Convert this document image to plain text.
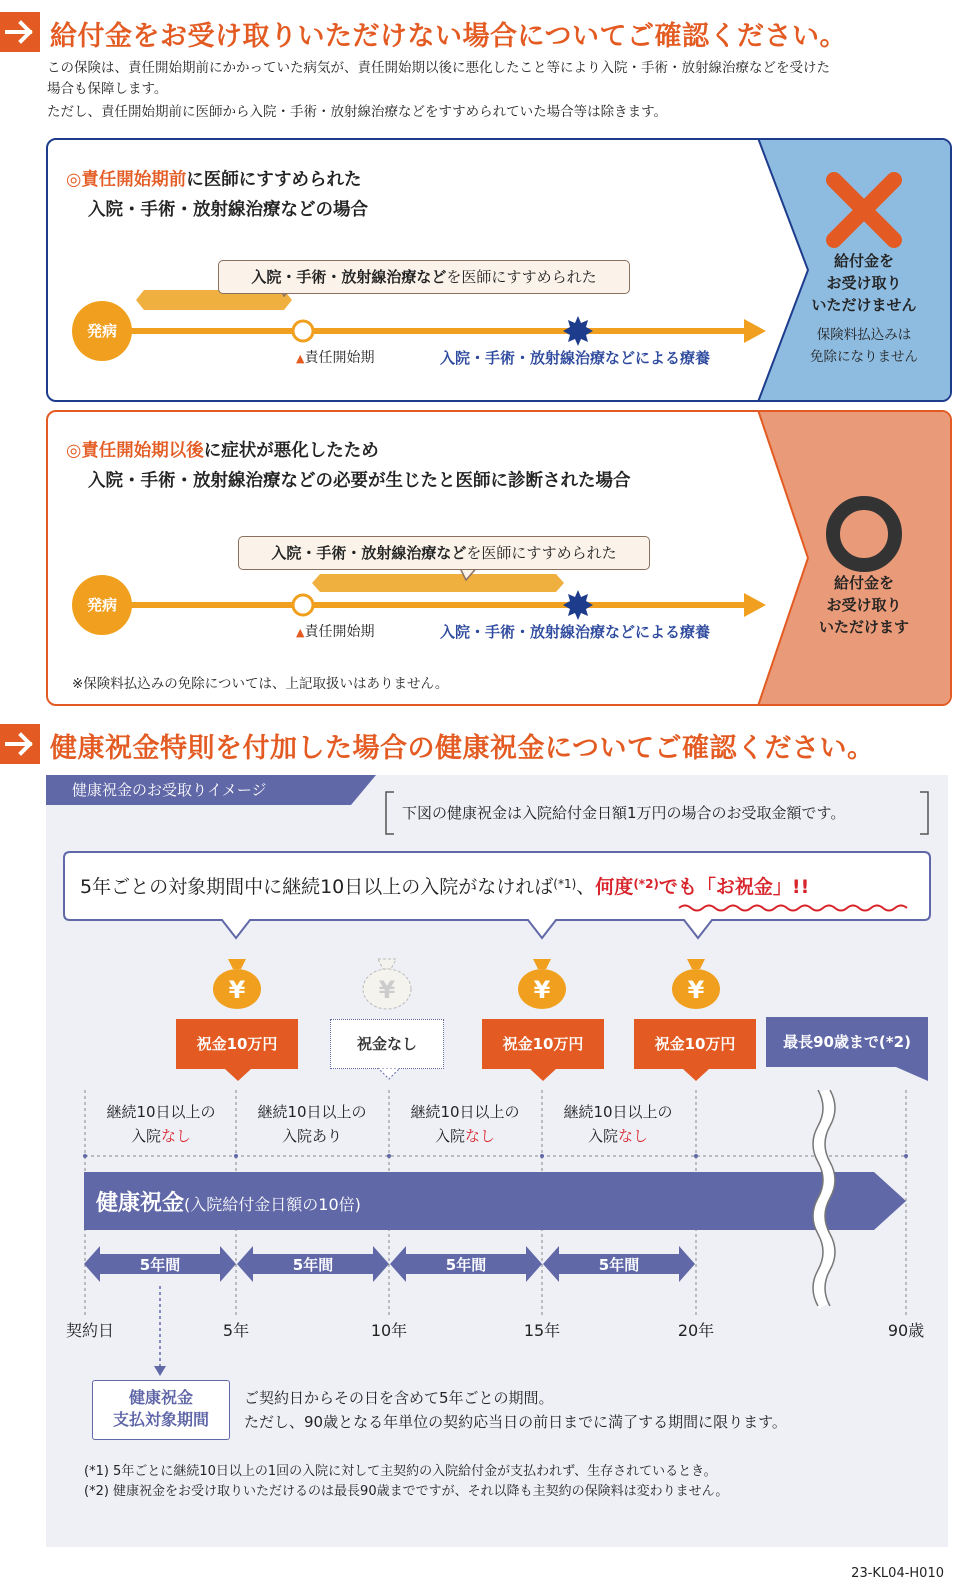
給付金をお受け取りいただけない場合についてご確認ください。
この保険は、責任開始期前にかかっていた病気が、責任開始期以後に悪化したこと等により入院・手術・放射線治療などを受けた
場合も保障します。
ただし、責任開始期前に医師から入院・手術・放射線治療などをすすめられていた場合等は除きます。
◎責任開始期前に医師にすすめられた
入院・手術・放射線治療などの場合
入院・手術・放射線治療などを医師にすすめられた
発病
▲責任開始期	入院・手術・放射線治療などによる療養
給付金を
お受け取り
いただけません
保険料払込みは
免除になりません
◎責任開始期以後に症状が悪化したため
入院・手術・放射線治療などの必要が生じたと医師に診断された場合
入院・手術・放射線治療などを医師にすすめられた
発病
▲責任開始期	入院・手術・放射線治療などによる療養
※保険料払込みの免除については、上記取扱いはありません。
給付金を
お受け取り
いただけます
健康祝金特則を付加した場合の健康祝金についてご確認ください。
健康祝金のお受取りイメージ
下図の健康祝金は入院給付金日額1万円の場合のお受取金額です。
5年ごとの対象期間中に継続10日以上の入院がなければ$^{(*1)}$、何度$^{(*2)}$でも「お祝金」!!
¥	¥	¥	¥
祝金10万円	祝金なし	祝金10万円	祝金10万円	最長90歳まで(*2)
継続10日以上の
入院なし
継続10日以上の
入院あり
継続10日以上の
入院なし
継続10日以上の
入院なし
健康祝金(入院給付金日額の10倍)
5年間	5年間	5年間	5年間
契約日	5年	10年	15年	20年	90歳
健康祝金
支払対象期間
ご契約日からその日を含めて5年ごとの期間。
ただし、90歳となる年単位の契約応当日の前日までに満了する期間に限ります。
(*1) 5年ごとに継続10日以上の1回の入院に対して主契約の入院給付金が支払われず、生存されているとき。
(*2) 健康祝金をお受け取りいただけるのは最長90歳までですが、それ以降も主契約の保険料は変わりません。
23-KL04-H010
